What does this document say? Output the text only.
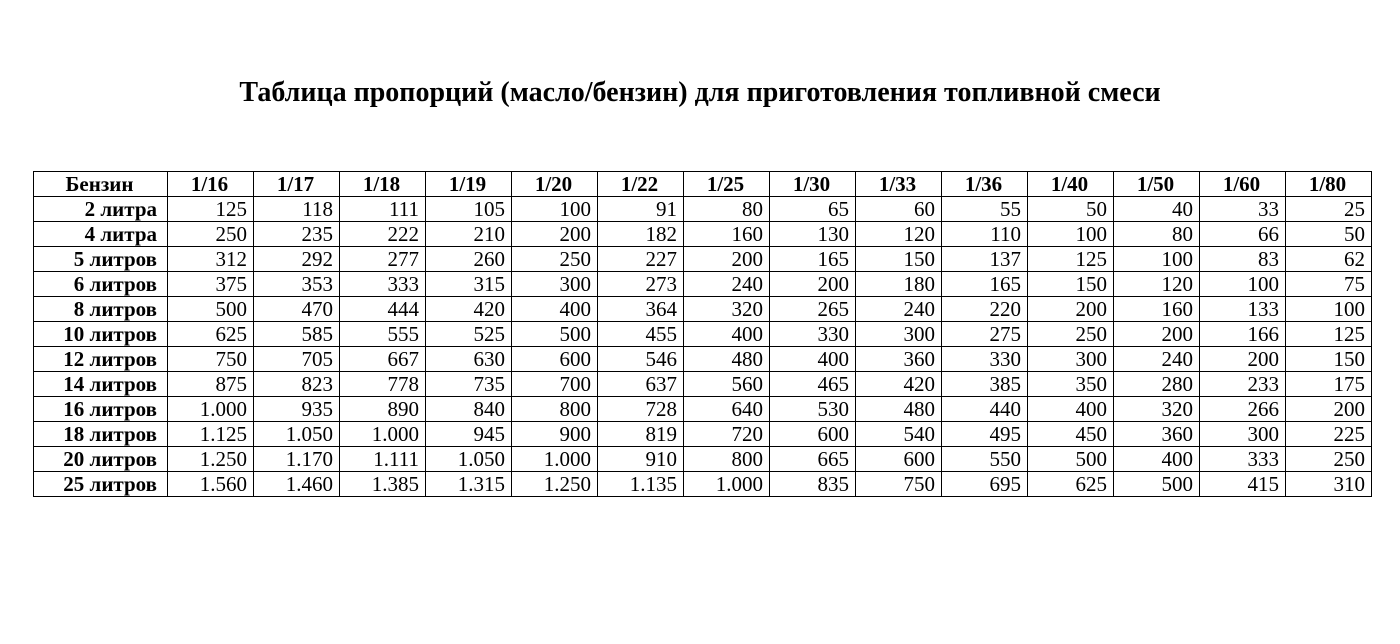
Таблица пропорций (масло/бензин) для приготовления топливной смеси
Бензин	1/16	1/17	1/18	1/19	1/20	1/22	1/25	1/30	1/33	1/36	1/40	1/50	1/60	1/80
2 литра	125	118	111	105	100	91	80	65	60	55	50	40	33	25
4 литра	250	235	222	210	200	182	160	130	120	110	100	80	66	50
5 литров	312	292	277	260	250	227	200	165	150	137	125	100	83	62
6 литров	375	353	333	315	300	273	240	200	180	165	150	120	100	75
8 литров	500	470	444	420	400	364	320	265	240	220	200	160	133	100
10 литров	625	585	555	525	500	455	400	330	300	275	250	200	166	125
12 литров	750	705	667	630	600	546	480	400	360	330	300	240	200	150
14 литров	875	823	778	735	700	637	560	465	420	385	350	280	233	175
16 литров	1.000	935	890	840	800	728	640	530	480	440	400	320	266	200
18 литров	1.125	1.050	1.000	945	900	819	720	600	540	495	450	360	300	225
20 литров	1.250	1.170	1.111	1.050	1.000	910	800	665	600	550	500	400	333	250
25 литров	1.560	1.460	1.385	1.315	1.250	1.135	1.000	835	750	695	625	500	415	310
